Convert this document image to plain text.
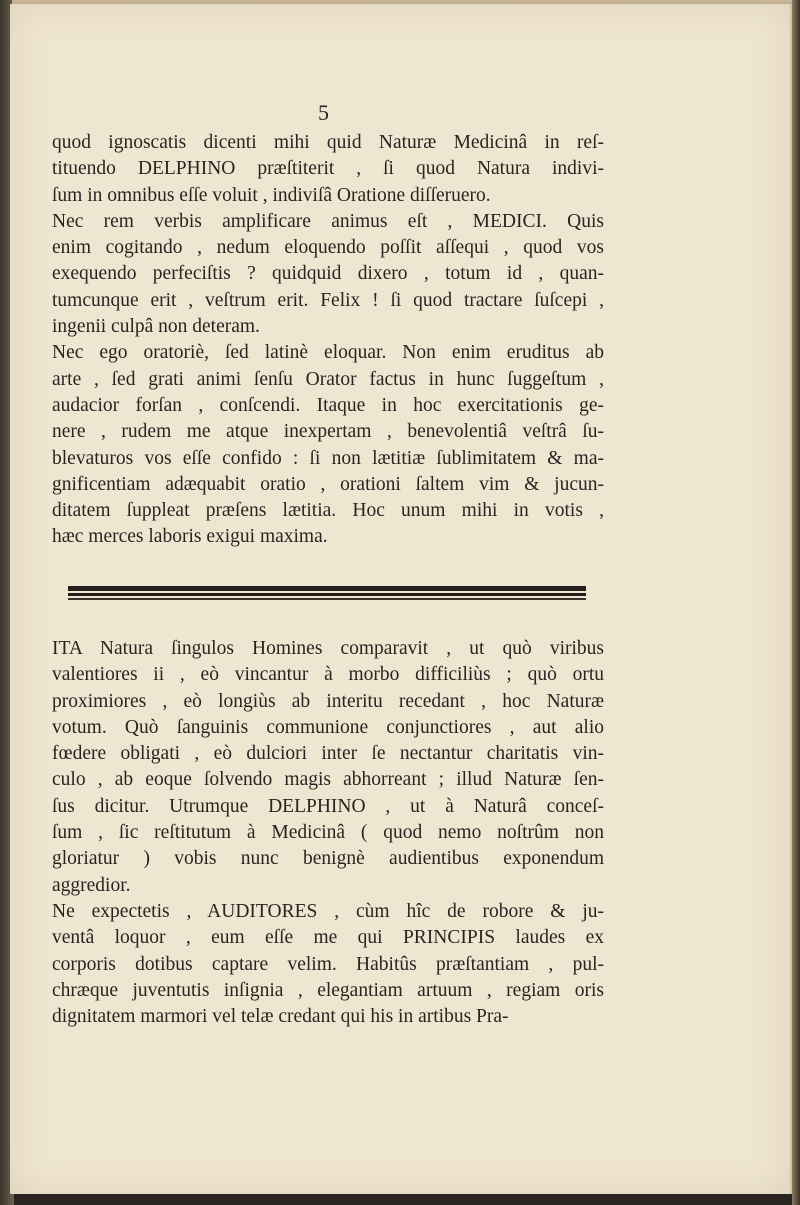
5
quod ignoscatis dicenti mihi quid Naturæ Medicinâ in reſ-
tituendo DELPHINO præſtiterit , ſi quod Natura indivi-
ſum in omnibus eſſe voluit , indiviſâ Oratione diſſeruero.
Nec rem verbis amplificare animus eſt , MEDICI. Quis
enim cogitando , nedum eloquendo poſſit aſſequi , quod vos
exequendo perfeciſtis ? quidquid dixero , totum id , quan-
tumcunque erit , veſtrum erit. Felix ! ſi quod tractare ſuſcepi ,
ingenii culpâ non deteram.
Nec ego oratoriè, ſed latinè eloquar. Non enim eruditus ab
arte , ſed grati animi ſenſu Orator factus in hunc ſuggeſtum ,
audacior forſan , conſcendi. Itaque in hoc exercitationis ge-
nere , rudem me atque inexpertam , benevolentiâ veſtrâ ſu-
blevaturos vos eſſe confido : ſi non lætitiæ ſublimitatem & ma-
gnificentiam adæquabit oratio , orationi ſaltem vim & jucun-
ditatem ſuppleat præſens lætitia. Hoc unum mihi in votis ,
hæc merces laboris exigui maxima.
ITA Natura ſingulos Homines comparavit , ut quò viribus
valentiores ii , eò vincantur à morbo difficiliùs ; quò ortu
proximiores , eò longiùs ab interitu recedant , hoc Naturæ
votum. Quò ſanguinis communione conjunctiores , aut alio
fœdere obligati , eò dulciori inter ſe nectantur charitatis vin-
culo , ab eoque ſolvendo magis abhorreant ; illud Naturæ ſen-
ſus dicitur. Utrumque DELPHINO , ut à Naturâ conceſ-
ſum , ſic reſtitutum à Medicinâ ( quod nemo noſtrûm non
gloriatur ) vobis nunc benignè audientibus exponendum
aggredior.
Ne expectetis , AUDITORES , cùm hîc de robore & ju-
ventâ loquor , eum eſſe me qui PRINCIPIS laudes ex
corporis dotibus captare velim. Habitûs præſtantiam , pul-
chræque juventutis inſignia , elegantiam artuum , regiam oris
dignitatem marmori vel telæ credant qui his in artibus Pra-
